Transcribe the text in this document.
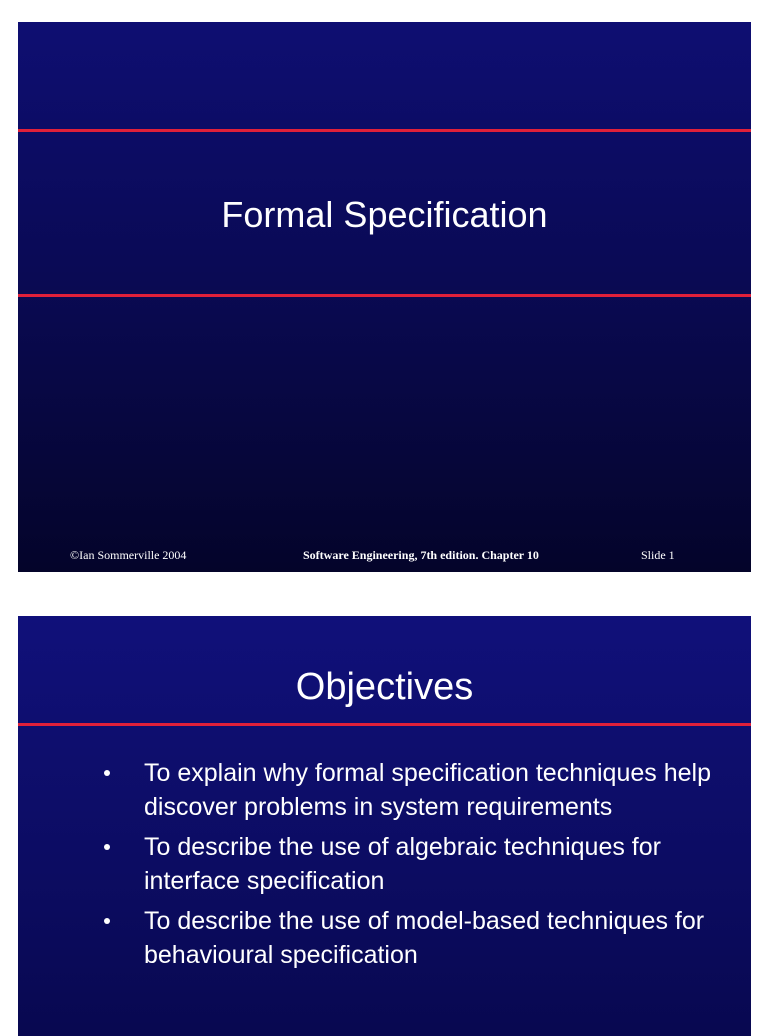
Formal Specification
©Ian Sommerville 2004	Software Engineering, 7th edition. Chapter 10	Slide 1
Objectives
To explain why formal specification techniques help discover problems in system requirements
To describe the use of algebraic techniques for interface specification
To describe the use of model-based techniques for behavioural specification
